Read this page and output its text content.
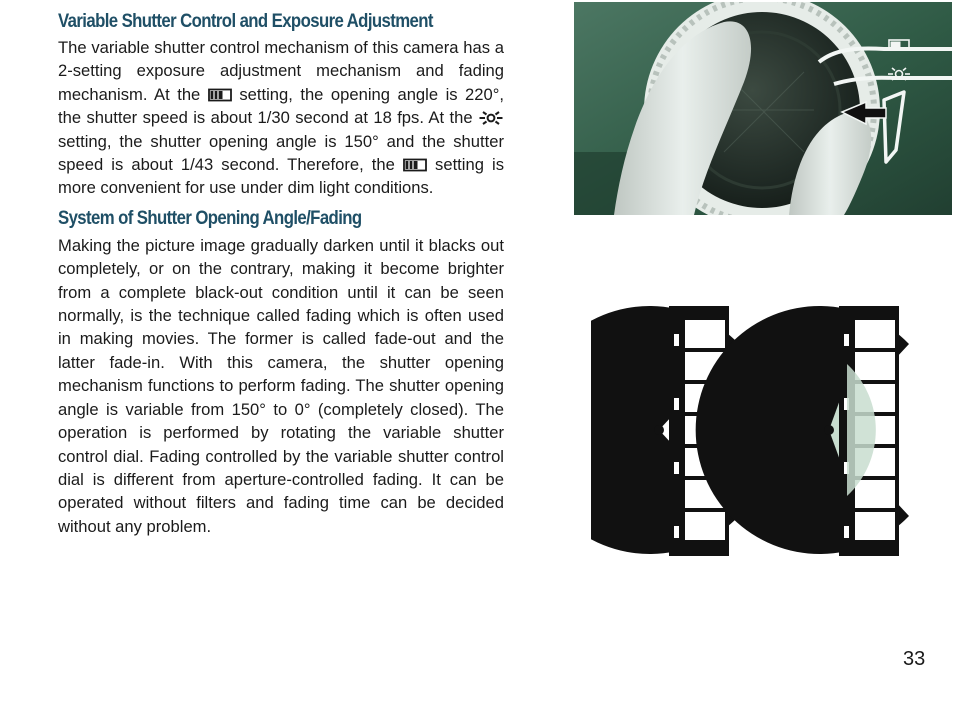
Variable Shutter Control and Exposure Adjustment

The variable shutter control mechanism of this camera has a 2-setting exposure adjustment mechanism and fading mechanism. At the setting, the opening angle is 220°, the shutter speed is about 1/30 second at 18 fps. At the  setting, the shutter opening angle is 150° and the shutter speed is about 1/43 second. Therefore, the setting is more convenient for use under dim light conditions.

System of Shutter Opening Angle/Fading

Making the picture image gradually darken until it blacks out completely, or on the contrary, making it become brighter from a complete black-out condition until it can be seen normally, is the technique called fading which is often used in making movies. The former is called fade-out and the latter fade-in. With this camera, the shutter opening mechanism functions to perform fading. The shutter opening angle is variable from 150° to 0° (completely closed). The operation is performed by rotating the variable shutter control dial. Fading controlled by the variable shutter control dial is different from aperture-controlled fading. It can be operated without filters and fading time can be decided without any problem.

33
